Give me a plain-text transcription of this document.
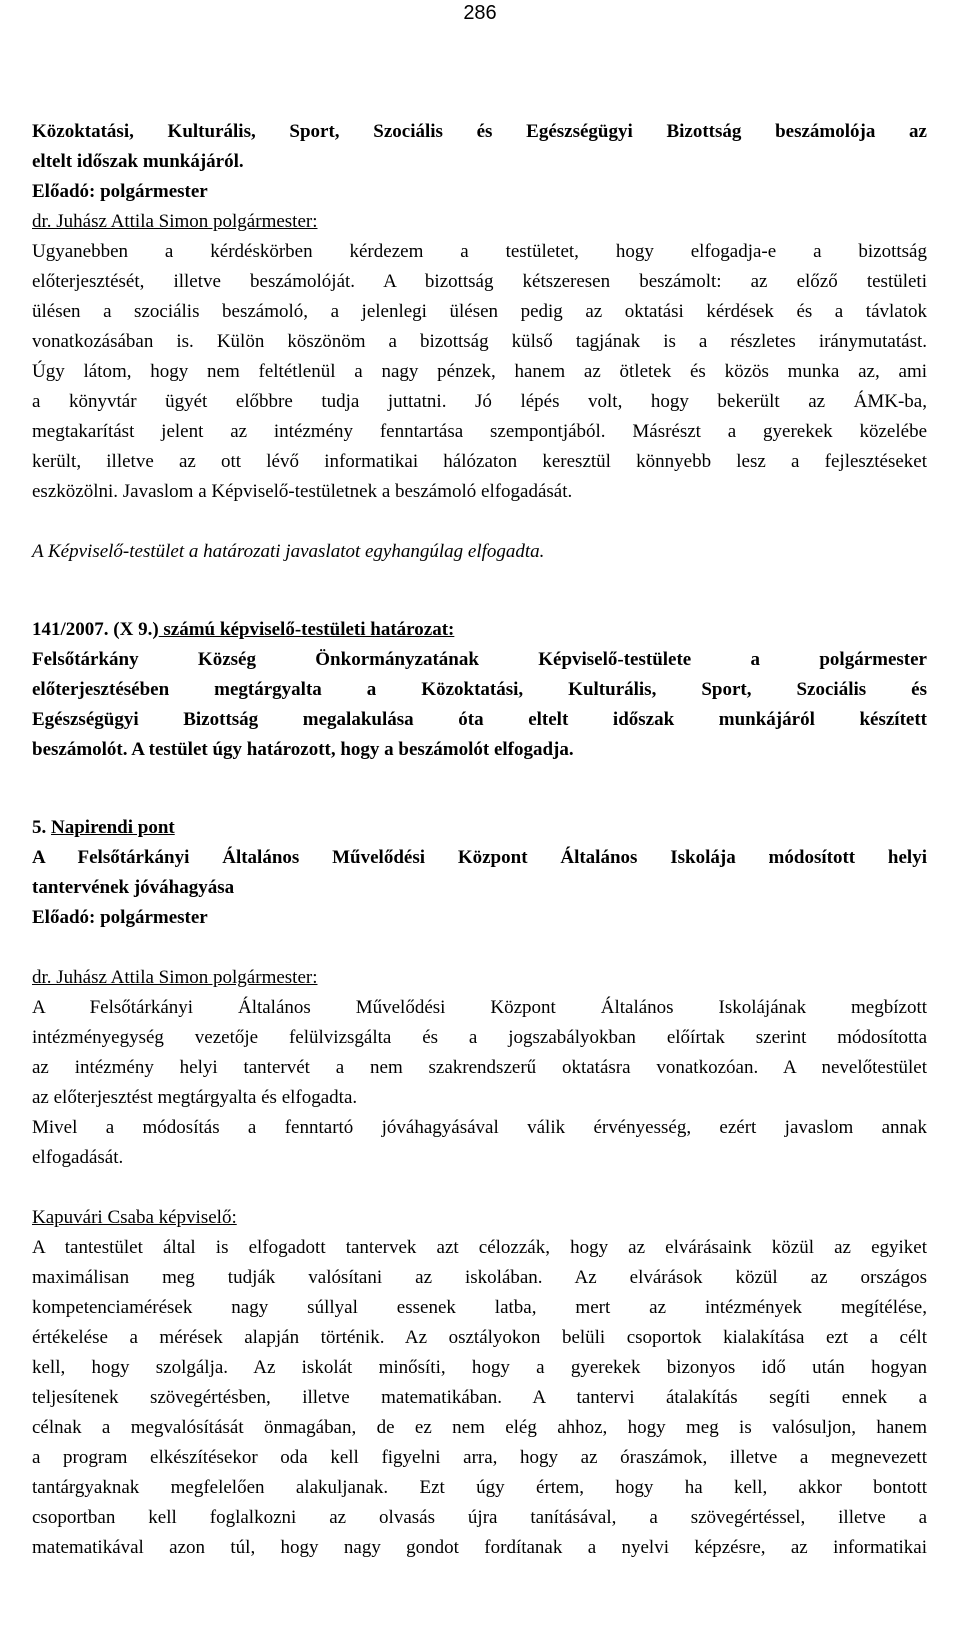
286
Közoktatási, Kulturális, Sport, Szociális és Egészségügyi Bizottság beszámolója az
eltelt időszak munkájáról.
Előadó: polgármester
dr. Juhász Attila Simon polgármester:
Ugyanebben a kérdéskörben kérdezem a testületet, hogy elfogadja-e a bizottság
előterjesztését, illetve beszámolóját. A bizottság kétszeresen beszámolt: az előző testületi
ülésen a szociális beszámoló, a jelenlegi ülésen pedig az oktatási kérdések és a távlatok
vonatkozásában is. Külön köszönöm a bizottság külső tagjának is a részletes iránymutatást.
Úgy látom, hogy nem feltétlenül a nagy pénzek, hanem az ötletek és közös munka az, ami
a könyvtár ügyét előbbre tudja juttatni. Jó lépés volt, hogy bekerült az ÁMK-ba,
megtakarítást jelent az intézmény fenntartása szempontjából. Másrészt a gyerekek közelébe
került, illetve az ott lévő informatikai hálózaton keresztül könnyebb lesz a fejlesztéseket
eszközölni. Javaslom a Képviselő-testületnek a beszámoló elfogadását.
A Képviselő-testület a határozati javaslatot egyhangúlag elfogadta.
141/2007. (X 9.) számú képviselő-testületi határozat:
Felsőtárkány Község Önkormányzatának Képviselő-testülete a polgármester
előterjesztésében megtárgyalta a Közoktatási, Kulturális, Sport, Szociális és
Egészségügyi Bizottság megalakulása óta eltelt időszak munkájáról készített
beszámolót. A testület úgy határozott, hogy a beszámolót elfogadja.
5. Napirendi pont
A Felsőtárkányi Általános Művelődési Központ Általános Iskolája módosított helyi
tantervének jóváhagyása
Előadó: polgármester
dr. Juhász Attila Simon polgármester:
A Felsőtárkányi Általános Művelődési Központ Általános Iskolájának megbízott
intézményegység vezetője felülvizsgálta és a jogszabályokban előírtak szerint módosította
az intézmény helyi tantervét a nem szakrendszerű oktatásra vonatkozóan. A nevelőtestület
az előterjesztést megtárgyalta és elfogadta.
Mivel a módosítás a fenntartó jóváhagyásával válik érvényesség, ezért javaslom annak
elfogadását.
Kapuvári Csaba képviselő:
A tantestület által is elfogadott tantervek azt célozzák, hogy az elvárásaink közül az egyiket
maximálisan meg tudják valósítani az iskolában. Az elvárások közül az országos
kompetenciamérések nagy súllyal essenek latba, mert az intézmények megítélése,
értékelése a mérések alapján történik. Az osztályokon belüli csoportok kialakítása ezt a célt
kell, hogy szolgálja. Az iskolát minősíti, hogy a gyerekek bizonyos idő után hogyan
teljesítenek szövegértésben, illetve matematikában. A tantervi átalakítás segíti ennek a
célnak a megvalósítását önmagában, de ez nem elég ahhoz, hogy meg is valósuljon, hanem
a program elkészítésekor oda kell figyelni arra, hogy az óraszámok, illetve a megnevezett
tantárgyaknak megfelelően alakuljanak. Ezt úgy értem, hogy ha kell, akkor bontott
csoportban kell foglalkozni az olvasás újra tanításával, a szövegértéssel, illetve a
matematikával azon túl, hogy nagy gondot fordítanak a nyelvi képzésre, az informatikai
